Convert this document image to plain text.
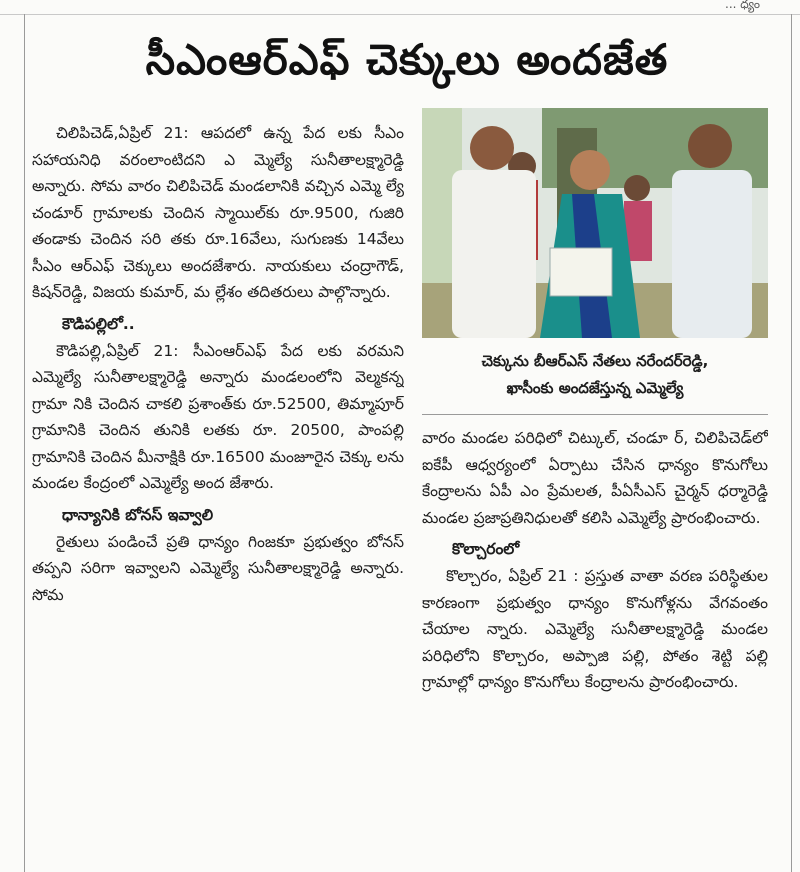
... ధ్యం
సీఎంఆర్ఎఫ్ చెక్కులు అందజేత

చిలిపిచెడ్,ఏప్రిల్ 21: ఆపదలో ఉన్న పేద లకు సీఎం సహాయనిధి వరంలాంటిదని ఎ మ్మెల్యే సునీతాలక్ష్మారెడ్డి అన్నారు. సోమ వారం చిలిపిచెడ్ మండలానికి వచ్చిన ఎమ్మె ల్యే చండూర్ గ్రామాలకు చెందిన స్మాయిల్‌కు రూ.9500, గుజిరి తండాకు చెందిన సరి తకు రూ.16వేలు, సుగుణకు 14వేలు సీఎం ఆర్ఎఫ్ చెక్కులు అందజేశారు. నాయకులు చంద్రాగౌడ్, కిషన్‌రెడ్డి, విజయ కుమార్, మ ల్లేశం తదితరులు పాల్గొన్నారు.

కౌడిపల్లిలో..

కౌడిపల్లి,ఏప్రిల్ 21: సీఎంఆర్ఎఫ్ పేద లకు వరమని ఎమ్మెల్యే సునీతాలక్ష్మారెడ్డి అన్నారు మండలంలోని వెల్మకన్న గ్రామా నికి చెందిన చాకలి ప్రశాంత్‌కు రూ.52500, తిమ్మాపూర్ గ్రామానికి చెందిన తునికి లతకు రూ. 20500, పాంపల్లి గ్రామానికి చెందిన మీనాక్షికి రూ.16500 మంజూరైన చెక్కు లను మండల కేంద్రంలో ఎమ్మెల్యే అంద జేశారు.

ధాన్యానికి బోనస్ ఇవ్వాలి

రైతులు పండించే ప్రతి ధాన్యం గింజకూ ప్రభుత్వం బోనస్ తప్పని సరిగా ఇవ్వాలని ఎమ్మెల్యే సునీతాలక్ష్మారెడ్డి అన్నారు. సోమ

చెక్కును బీఆర్ఎస్ నేతలు నరేందర్‌రెడ్డి,
ఖాసీంకు అందజేస్తున్న ఎమ్మెల్యే

వారం మండల పరిధిలో చిట్కుల్, చండూ ర్, చిలిపిచెడ్‌లో ఐకేపీ ఆధ్వర్యంలో ఏర్పాటు చేసిన ధాన్యం కొనుగోలు కేంద్రాలను ఏపీ ఎం ప్రేమలత, పీఏసీఎస్ చైర్మన్ ధర్మారెడ్డి మండల ప్రజాప్రతినిధులతో కలిసి ఎమ్మెల్యే ప్రారంభించారు.

కొల్చారంలో

కొల్చారం, ఏప్రిల్ 21 : ప్రస్తుత వాతా వరణ పరిస్థితుల కారణంగా ప్రభుత్వం ధాన్యం కొనుగోళ్లను వేగవంతం చేయాల న్నారు. ఎమ్మెల్యే సునీతాలక్ష్మారెడ్డి మండల పరిధిలోని కొల్చారం, అప్పాజి పల్లి, పోతం శెట్టి పల్లి గ్రామాల్లో ధాన్యం కొనుగోలు కేంద్రాలను ప్రారంభించారు.
